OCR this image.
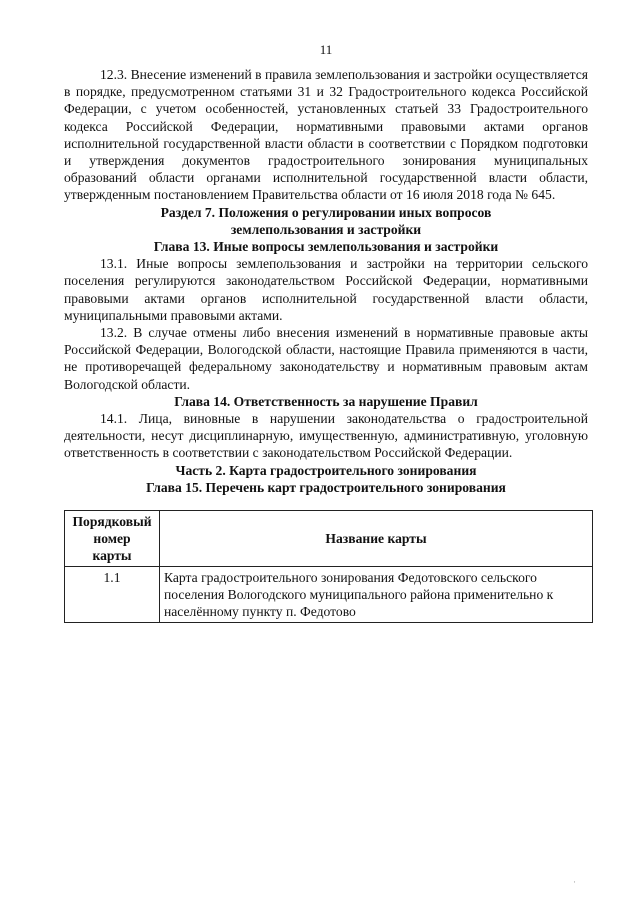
11

12.3. Внесение изменений в правила землепользования и застройки осуществляется в порядке, предусмотренном статьями 31 и 32 Градостроительного кодекса Российской Федерации, с учетом особенностей, установленных статьей 33 Градостроительного кодекса Российской Федерации, нормативными правовыми актами органов исполнительной государственной власти области в соответствии с Порядком подготовки и утверждения документов градостроительного зонирования муниципальных образований области органами исполнительной государственной власти области, утвержденным постановлением Правительства области от 16 июля 2018 года № 645.

Раздел 7. Положения о регулировании иных вопросов
землепользования и застройки
Глава 13. Иные вопросы землепользования и застройки

13.1. Иные вопросы землепользования и застройки на территории сельского поселения регулируются законодательством Российской Федерации, нормативными правовыми актами органов исполнительной государственной власти области, муниципальными правовыми актами.

13.2. В случае отмены либо внесения изменений в нормативные правовые акты Российской Федерации, Вологодской области, настоящие Правила применяются в части, не противоречащей федеральному законодательству и нормативным правовым актам Вологодской области.

Глава 14. Ответственность за нарушение Правил

14.1. Лица, виновные в нарушении законодательства о градостроительной деятельности, несут дисциплинарную, имущественную, административную, уголовную ответственность в соответствии с законодательством Российской Федерации.

Часть 2. Карта градостроительного зонирования
Глава 15. Перечень карт градостроительного зонирования
Порядковый
номер
карты	Название карты
1.1	Карта градостроительного зонирования Федотовского сельского поселения Вологодского муниципального района применительно к населённому пункту п. Федотово
·
